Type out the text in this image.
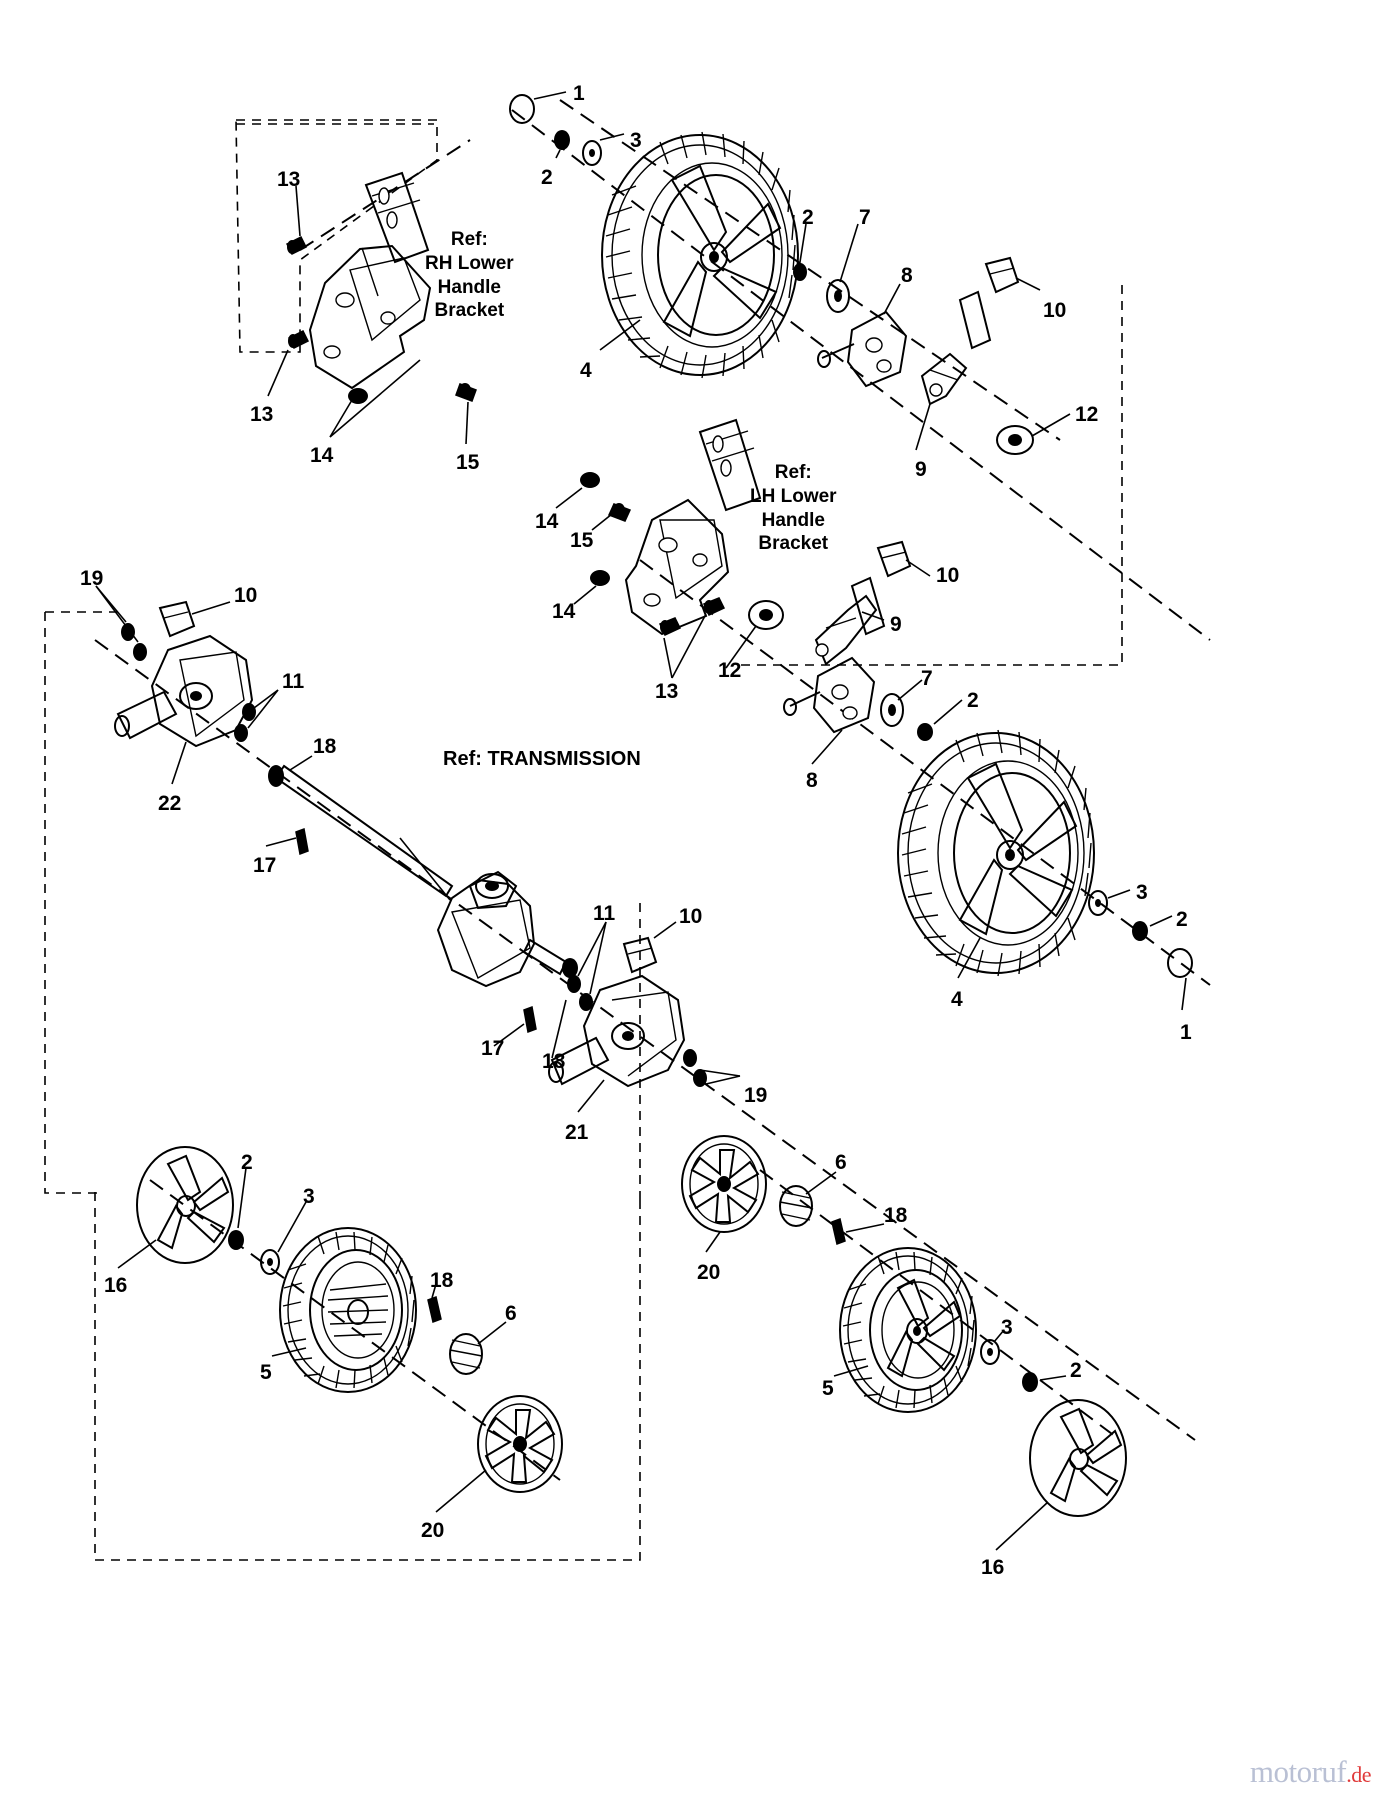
Ref:
RH Lower
Handle
Bracket
Ref:
LH Lower
Handle
Bracket
Ref: TRANSMISSION
1
3
2
13
2 7
8
10
4
13
14	15
12
9
14
15
10
19
14
10
9
7
13
12
11
2
18
8
22
17
3
2
11	10
1
4
17
18
19
21
6
18
2
3
16
20
18
6
3
5	2
5
20
16
motoruf.de
